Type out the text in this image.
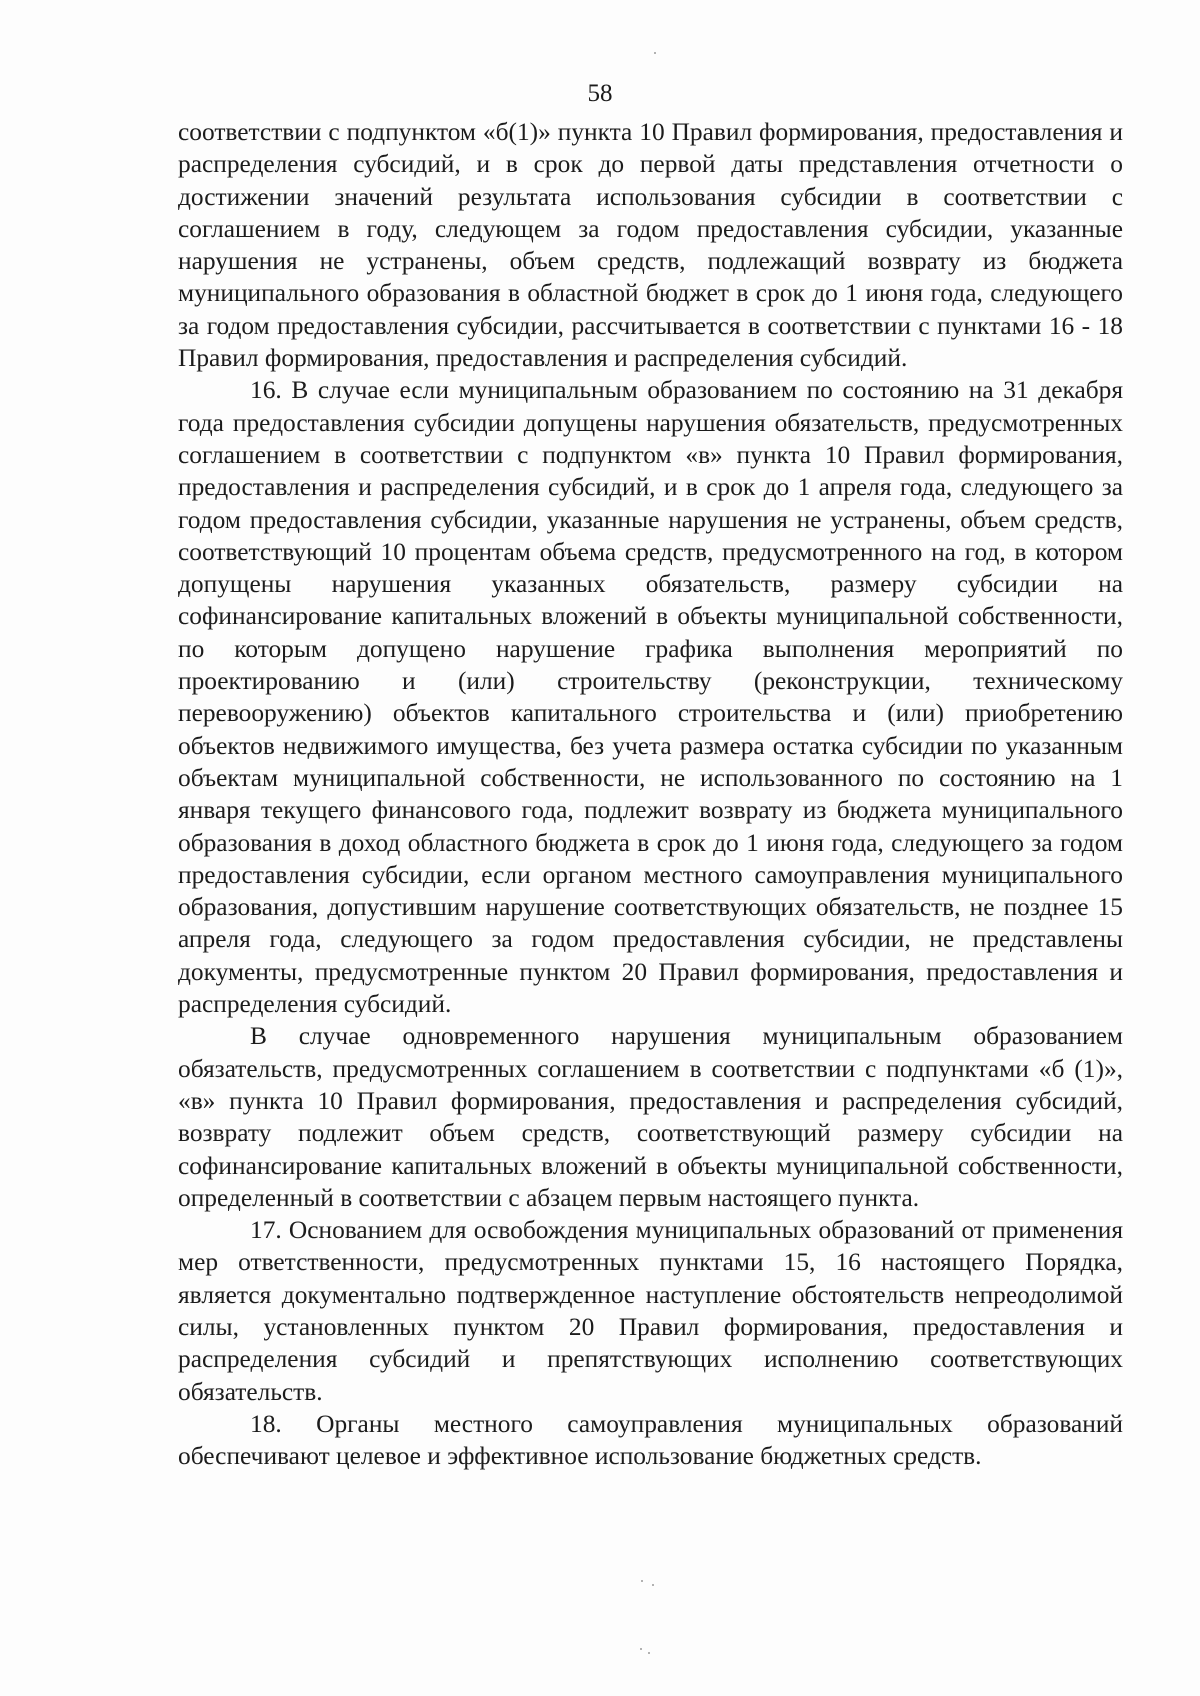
58

соответствии с подпунктом «б(1)» пункта 10 Правил формирования, предоставления и распределения субсидий, и в срок до первой даты представления отчетности о достижении значений результата использования субсидии в соответствии с соглашением в году, следующем за годом предоставления субсидии, указанные нарушения не устранены, объем средств, подлежащий возврату из бюджета муниципального образования в областной бюджет в срок до 1 июня года, следующего за годом предоставления субсидии, рассчитывается в соответствии с пунктами 16 - 18 Правил формирования, предоставления и распределения субсидий.

16. В случае если муниципальным образованием по состоянию на 31 декабря года предоставления субсидии допущены нарушения обязательств, предусмотренных соглашением в соответствии с подпунктом «в» пункта 10 Правил формирования, предоставления и распределения субсидий, и в срок до 1 апреля года, следующего за годом предоставления субсидии, указанные нарушения не устранены, объем средств, соответствующий 10 процентам объема средств, предусмотренного на год, в котором допущены нарушения указанных обязательств, размеру субсидии на софинансирование капитальных вложений в объекты муниципальной собственности, по которым допущено нарушение графика выполнения мероприятий по проектированию и (или) строительству (реконструкции, техническому перевооружению) объектов капитального строительства и (или) приобретению объектов недвижимого имущества, без учета размера остатка субсидии по указанным объектам муниципальной собственности, не использованного по состоянию на 1 января текущего финансового года, подлежит возврату из бюджета муниципального образования в доход областного бюджета в срок до 1 июня года, следующего за годом предоставления субсидии, если органом местного самоуправления муниципального образования, допустившим нарушение соответствующих обязательств, не позднее 15 апреля года, следующего за годом предоставления субсидии, не представлены документы, предусмотренные пунктом 20 Правил формирования, предоставления и распределения субсидий.

В случае одновременного нарушения муниципальным образованием обязательств, предусмотренных соглашением в соответствии с подпунктами «б (1)», «в» пункта 10 Правил формирования, предоставления и распределения субсидий, возврату подлежит объем средств, соответствующий размеру субсидии на софинансирование капитальных вложений в объекты муниципальной собственности, определенный в соответствии с абзацем первым настоящего пункта.

17. Основанием для освобождения муниципальных образований от применения мер ответственности, предусмотренных пунктами 15, 16 настоящего Порядка, является документально подтвержденное наступление обстоятельств непреодолимой силы, установленных пунктом 20 Правил формирования, предоставления и распределения субсидий и препятствующих исполнению соответствующих обязательств.

18. Органы местного самоуправления муниципальных образований обеспечивают целевое и эффективное использование бюджетных средств.
